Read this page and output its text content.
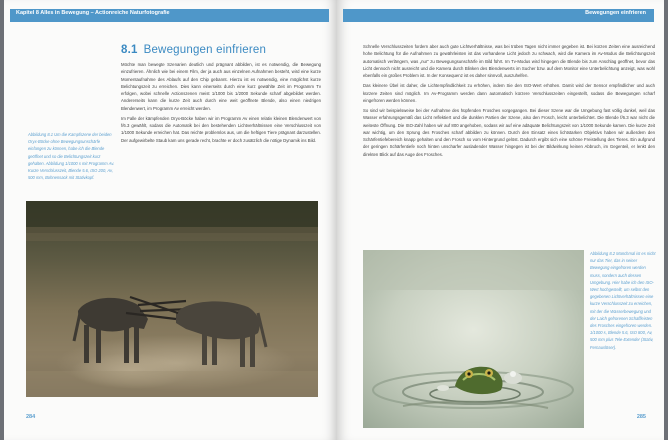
Kapitel 8 Alles in Bewegung – Actionreiche Naturfotografie
8.1 Bewegungen einfrieren

Möchte man bewegte Szenarien deutlich und prägnant abbilden, ist es notwendig, die Bewegung einzufrieren. Ähnlich wie bei einem Film, der ja auch aus einzelnen Aufnahmen besteht, wird eine kurze Momentaufnahme des Ablaufs auf den Chip gebannt. Hierzu ist es notwendig, eine möglichst kurze Belichtungszeit zu erreichen. Dies kann einerseits durch eine kurz gewählte Zeit im Programm Tv erfolgen, wobei schnelle Actionszenen meist 1/1000 bis 1/2000 Sekunde scharf abgebildet werden. Andererseits kann die kurze Zeit auch durch eine weit geöffnete Blende, also einen niedrigen Blendenwert, im Programm Av erreicht werden.

Im Falle der kämpfenden Oryx-Böcke haben wir im Programm Av einen relativ kleinen Blendenwert von f/6.3 gewählt, sodass die Automatik bei den bestehenden Lichtverhältnissen eine Verschlusszeit von 1/1000 Sekunde erreichen hat. Das reichte problemlos aus, um die heftigen Tiere prägnant darzustellen. Der aufgewirbelte Staub kam uns gerade recht, brachte er doch zusätzlich die nötige Dynamik ins Bild.

Abbildung 8.1 Um die Kampfszene der beiden Oryx-Böcke ohne Bewegungsunschärfe einfangen zu können, habe ich die Blende geöffnet und so die Belichtungszeit kurz gehalten. Abbildung 1/1000 s mit Programm Av. Kurze Verschlusszeit, Blende 5.6, ISO 200, Av, 500 mm, Bohnensack mit Stativkopf.
284
Bewegungen einfrieren

Schnelle Verschlusszeiten fordern aber auch gute Lichtverhältnisse, was bei trüben Tagen nicht immer gegeben ist. Bei kürzen Zeiten eine ausreichend hohe Belichtung für die Aufnahmen zu gewährleisten ist das vorhandene Licht jedoch zu schwach, wird die Kamera im Av-Modus die Belichtungszeit automatisch verlängern, was „nur“ zu Bewegungsunschärfe im Bild führt. Im Tv-Modus wird hingegen die Blende bis zum Anschlag geöffnet, bevor das Licht dennoch nicht ausreicht und die Kamera durch Blinken des Blendenwerts im Sucher bzw. auf dem Monitor eine Unterbelichtung anzeigt, was wohl ebenfalls ein großes Problem ist. In der Konsequenz ist es daher sinnvoll, auszuhelfen.

Das kleinere Übel ist daher, die Lichtempfindlichkeit zu erhöhen, indem Sie den ISO-Wert erhöhen. Damit wird der Sensor empfindlicher und auch kürzere Zeiten sind möglich. Im Av-Programm werden dann automatisch kürzere Verschlusszeiten eingestellt, sodass die Bewegungen scharf eingefroren werden können.

So sind wir beispielsweise bei der Aufnahme des hüpfenden Frosches vorgegangen. Bei dieser Szene war die Umgebung fast völlig dunkel, weil das Wasser erfahrungsgemäß das Licht reflektiert und die dunklen Partien der Szene, also den Frosch, leicht unterbelichtet. Die Blende f/6.3 war nicht die weiteste Öffnung. Die ISO-Zahl haben wir auf 800 angehoben, sodass wir auf eine adäquate Belichtungszeit von 1/1000 Sekunde kamen. Die kurze Zeit war wichtig, um den Sprung des Frosches scharf abbilden zu können. Durch den Einsatz eines lichtstarken Objektivs haben wir außerdem den Schärfentiefebereich knapp gehalten und den Frosch so vom Hintergrund gelöst. Dadurch ergibt sich eine schöne Freistellung des Tieres. Ein aufgrund der geringen Schärfentiefe noch hinten unscharfer ausladender Wasser hingegen ist bei der Bildwirkung keinen Abbruch, im Gegenteil, er lenkt den direkten Blick auf das Auge des Frosches.

Abbildung 8.2 Manchmal ist es nicht nur das Tier, das in seiner Bewegung eingefroren werden muss, sondern auch dessen Umgebung. Hier habe ich den ISO-Wert hochgestellt, um selbst den gegebenen Lichtverhältnissen eine kurze Verschlusszeit zu erreichen, mit der die Wasserbewegung und der Laich gefrorenen Schaffleisten des Frosches eingefroren werden. 1/1000 s, Blende 5.6, ISO 800, Av, 500 mm plus Tele-Extender (Stativ, Fernauslöser).
285
